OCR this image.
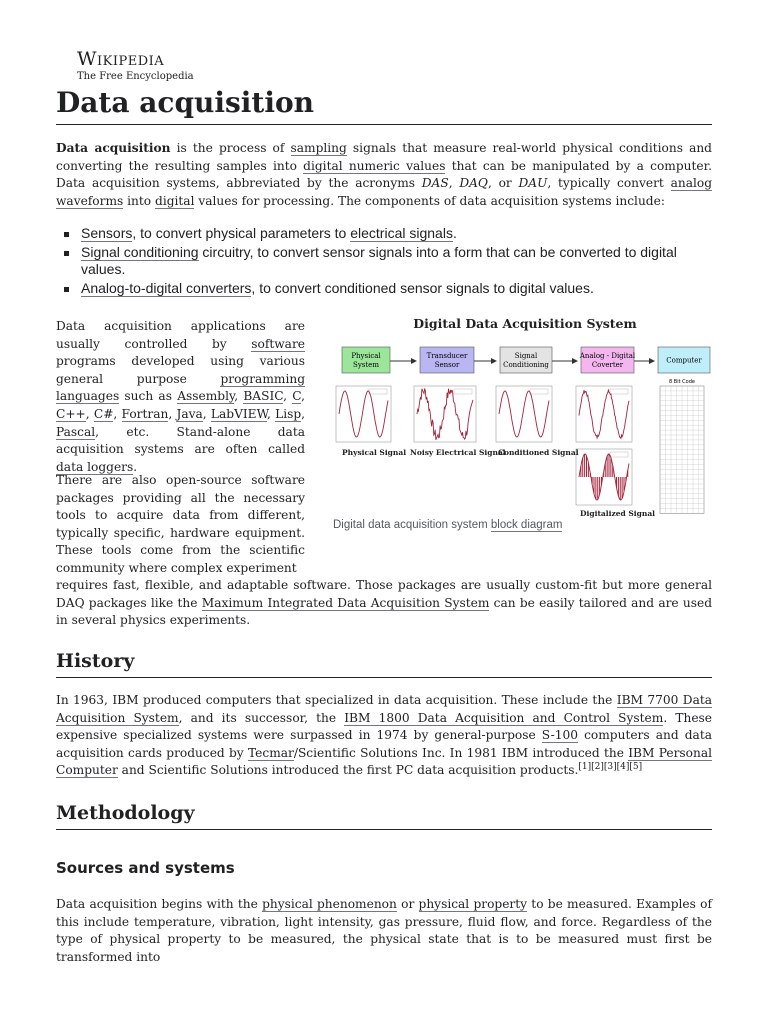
Wikipedia
The Free Encyclopedia
Data acquisition

Data acquisition is the process of sampling signals that measure real-world physical conditions and converting the resulting samples into digital numeric values that can be manipulated by a computer. Data acquisition systems, abbreviated by the acronyms DAS, DAQ, or DAU, typically convert analog waveforms into digital values for processing. The components of data acquisition systems include:

Sensors, to convert physical parameters to electrical signals.
Signal conditioning circuitry, to convert sensor signals into a form that can be converted to digital values.
Analog-to-digital converters, to convert conditioned sensor signals to digital values.

Data acquisition applications are usually controlled by software programs developed using various general purpose programming languages such as Assembly, BASIC, C, C++, C#, Fortran, Java, LabVIEW, Lisp, Pascal, etc. Stand-alone data acquisition systems are often called data loggers.

There are also open-source software packages providing all the necessary tools to acquire data from different, typically specific, hardware equipment. These tools come from the scientific community where complex experiment

requires fast, flexible, and adaptable software. Those packages are usually custom-fit but more general DAQ packages like the Maximum Integrated Data Acquisition System can be easily tailored and are used in several physics experiments.

Digital Data Acquisition System
Physical
System
Transducer
Sensor
Signal
Conditioning
Analog - Digital
Coverter
Computer
8 Bit Code
Physical Signal Noisy Electrical Signal
Conditioned Signal
Digitalized Signal
Digital data acquisition system block diagram
History

In 1963, IBM produced computers that specialized in data acquisition. These include the IBM 7700 Data Acquisition System, and its successor, the IBM 1800 Data Acquisition and Control System. These expensive specialized systems were surpassed in 1974 by general-purpose S-100 computers and data acquisition cards produced by Tecmar/Scientific Solutions Inc. In 1981 IBM introduced the IBM Personal Computer and Scientific Solutions introduced the first PC data acquisition products.[1][2][3][4][5]

Methodology
Sources and systems

Data acquisition begins with the physical phenomenon or physical property to be measured. Examples of this include temperature, vibration, light intensity, gas pressure, fluid flow, and force. Regardless of the type of physical property to be measured, the physical state that is to be measured must first be transformed into
